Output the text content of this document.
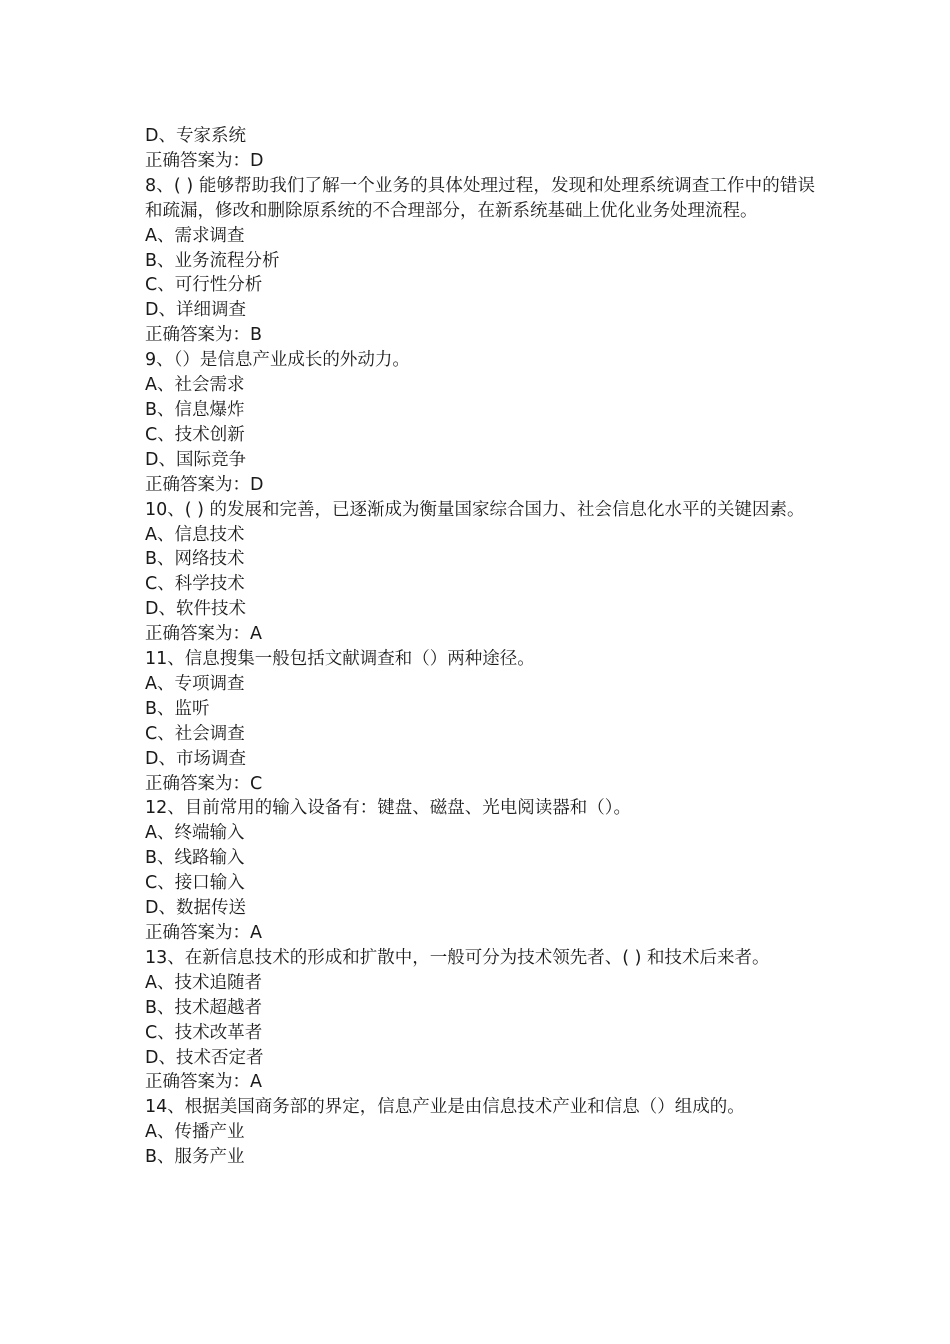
D、专家系统

正确答案为：D

8、( ) 能够帮助我们了解一个业务的具体处理过程，发现和处理系统调查工作中的错误和疏漏，修改和删除原系统的不合理部分，在新系统基础上优化业务处理流程。

A、需求调查

B、业务流程分析

C、可行性分析

D、详细调查

正确答案为：B

9、（）是信息产业成长的外动力。

A、社会需求

B、信息爆炸

C、技术创新

D、国际竞争

正确答案为：D

10、( ) 的发展和完善，已逐渐成为衡量国家综合国力、社会信息化水平的关键因素。

A、信息技术

B、网络技术

C、科学技术

D、软件技术

正确答案为：A

11、信息搜集一般包括文献调查和（）两种途径。

A、专项调查

B、监听

C、社会调查

D、市场调查

正确答案为：C

12、目前常用的输入设备有：键盘、磁盘、光电阅读器和（）。

A、终端输入

B、线路输入

C、接口输入

D、数据传送

正确答案为：A

13、在新信息技术的形成和扩散中，一般可分为技术领先者、( ) 和技术后来者。

A、技术追随者

B、技术超越者

C、技术改革者

D、技术否定者

正确答案为：A

14、根据美国商务部的界定，信息产业是由信息技术产业和信息（）组成的。

A、传播产业

B、服务产业
